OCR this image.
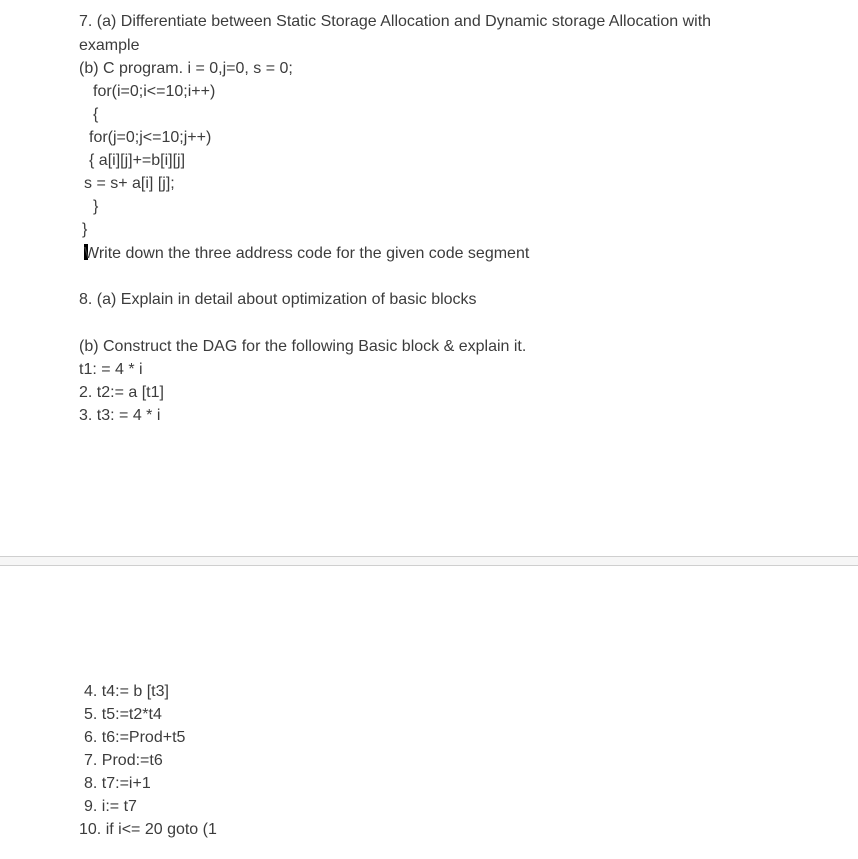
7. (a) Differentiate between Static Storage Allocation and Dynamic storage Allocation with
example
(b) C program. i = 0,j=0, s = 0;
for(i=0;i<=10;i++)
{
for(j=0;j<=10;j++)
{ a[i][j]+=b[i][j]
s = s+ a[i] [j];
}
}
Write down the three address code for the given code segment
8. (a) Explain in detail about optimization of basic blocks
(b) Construct the DAG for the following Basic block & explain it.
t1: = 4 * i
2. t2:= a [t1]
3. t3: = 4 * i
4. t4:= b [t3]
5. t5:=t2*t4
6. t6:=Prod+t5
7. Prod:=t6
8. t7:=i+1
9. i:= t7
10. if i<= 20 goto (1
